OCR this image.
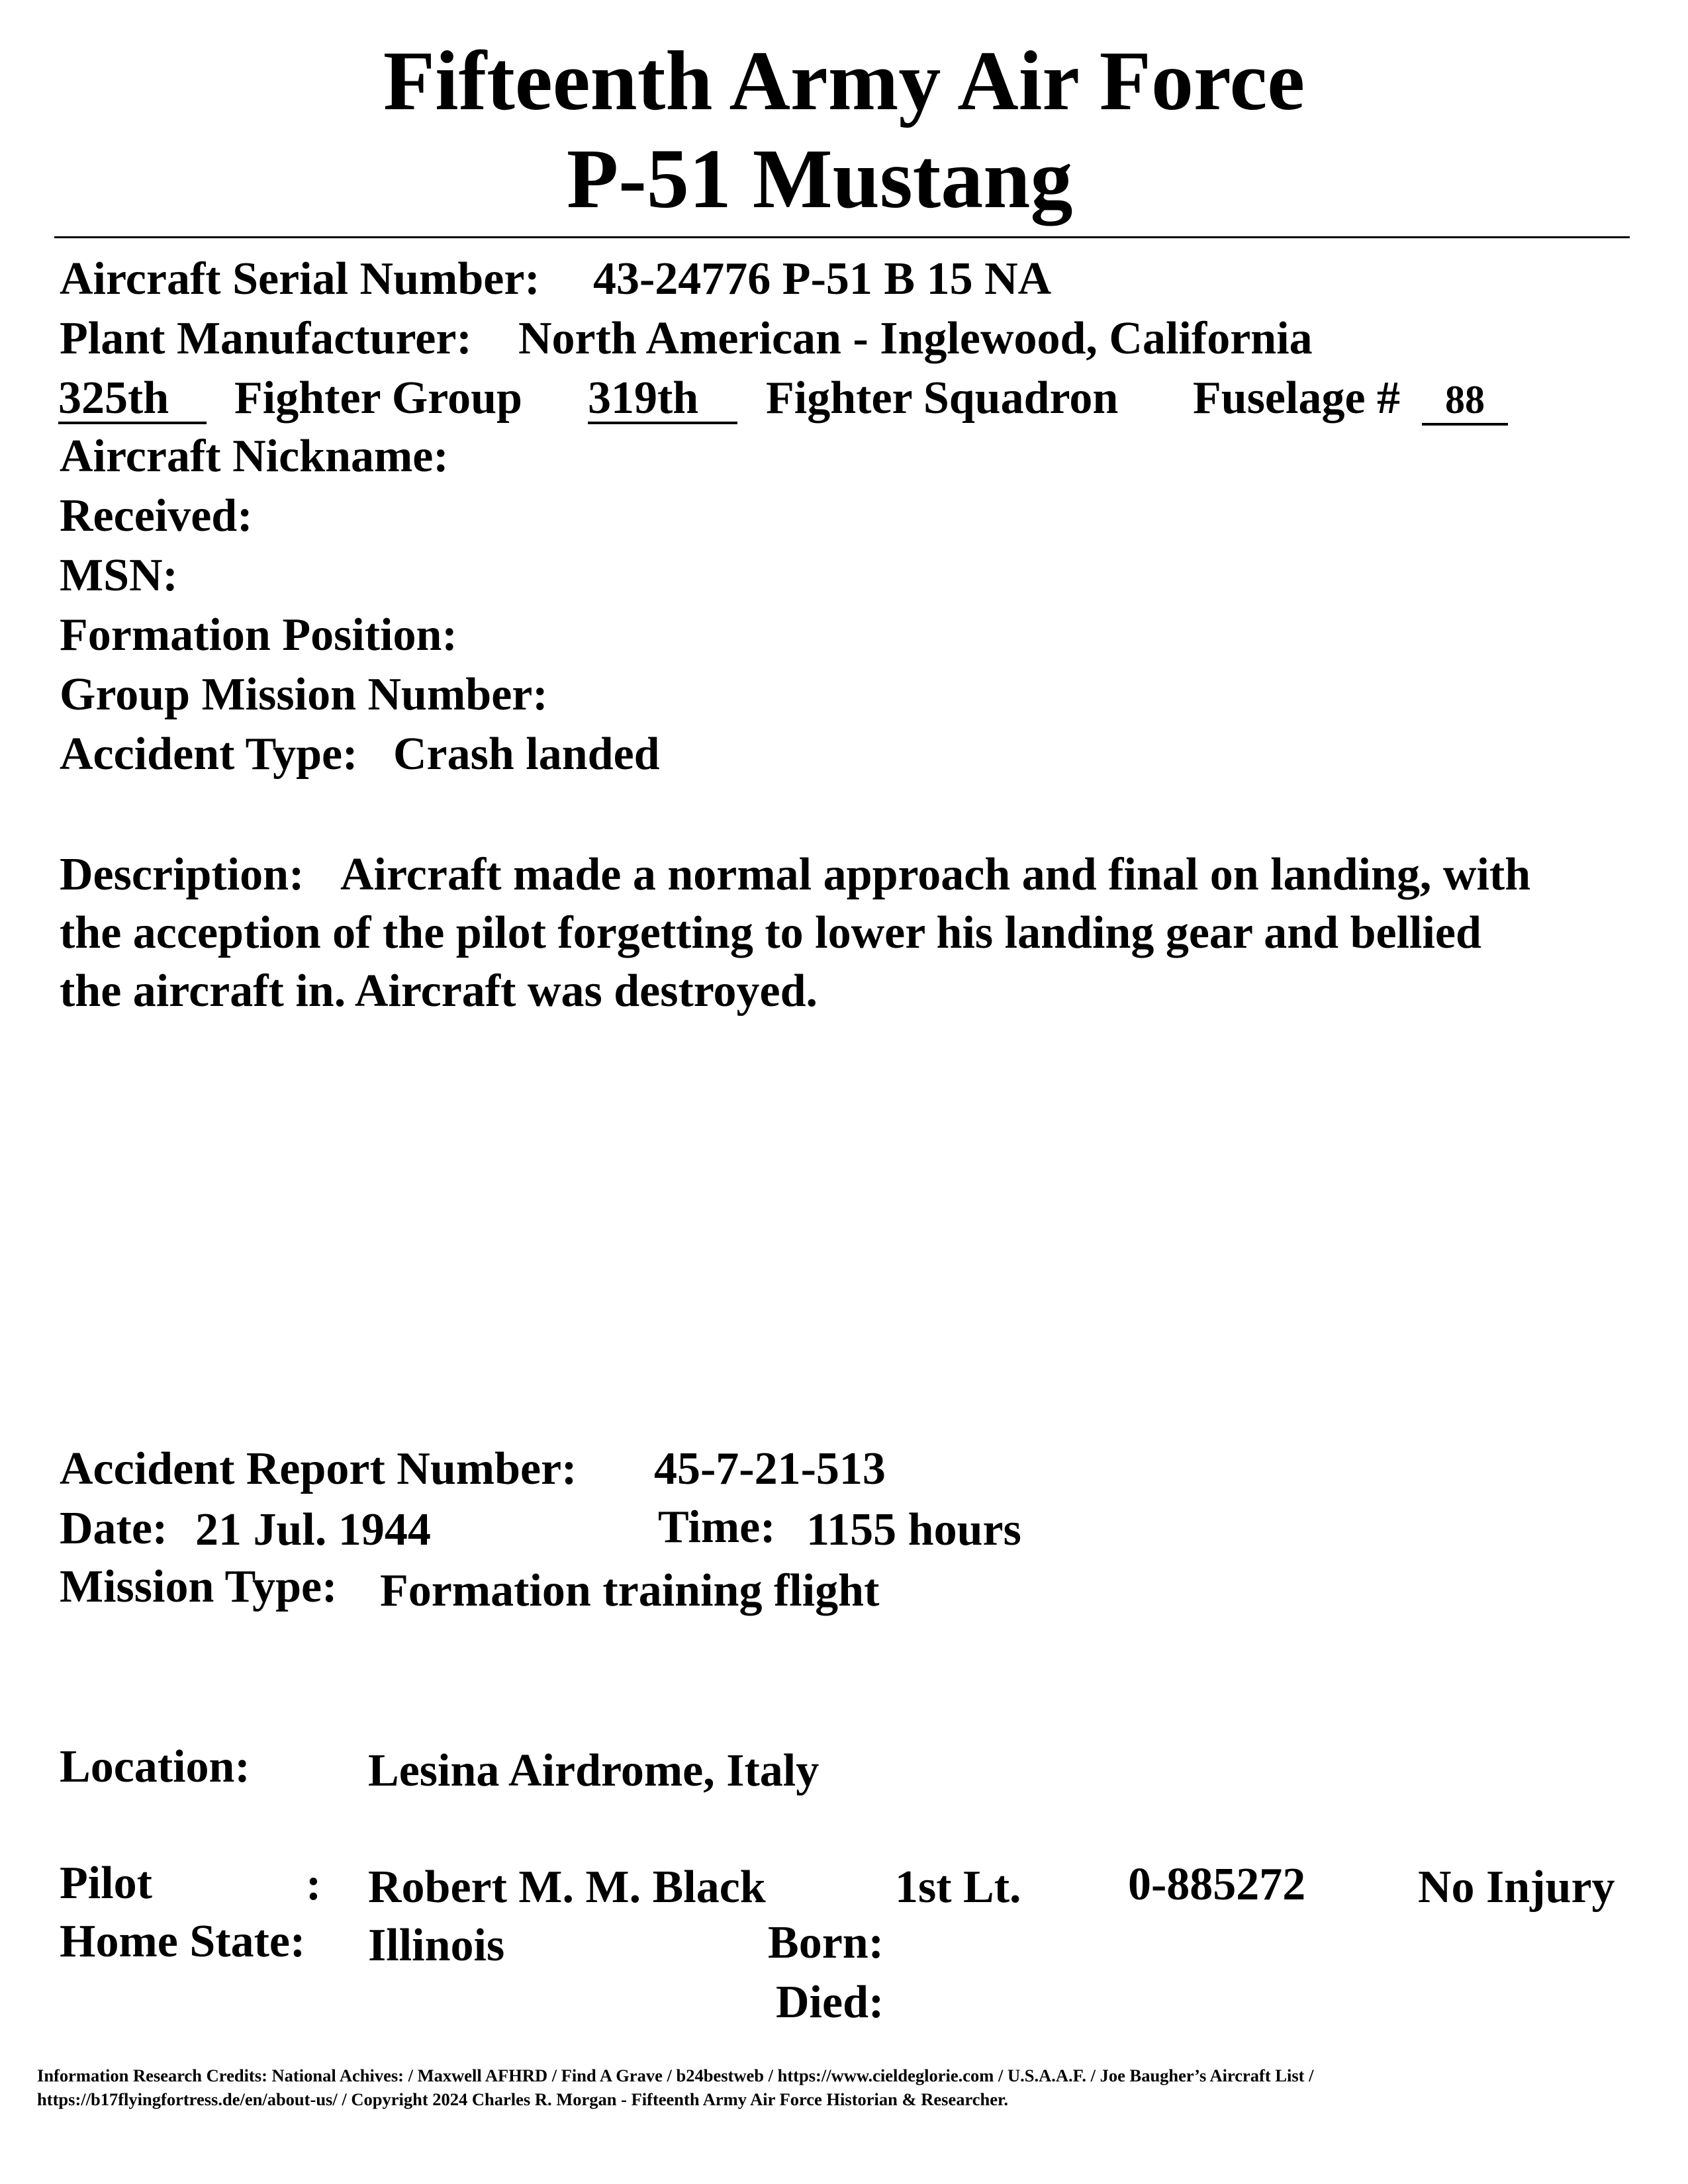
Fifteenth Army Air Force
P-51 Mustang
Aircraft Serial Number: 43-24776 P-51 B 15 NA
Plant Manufacturer: North American - Inglewood, California
325th	Fighter Group 319th	Fighter Squadron Fuselage #	88
Aircraft Nickname:
Received:
MSN:
Formation Position:
Group Mission Number:
Accident Type: Crash landed
Description: Aircraft made a normal approach and final on landing, with
the acception of the pilot forgetting to lower his landing gear and bellied
the aircraft in. Aircraft was destroyed.
Accident Report Number: 45-7-21-513
Date: 21 Jul. 1944	Time: 1155 hours
Mission Type: Formation training flight
Location:	Lesina Airdrome, Italy
Pilot	: Robert M. M. Black	1st Lt. 0-885272 No Injury
Home State: Illinois	Born:
Died:
Information Research Credits: National Achives: / Maxwell AFHRD / Find A Grave / b24bestweb / https://www.cieldeglorie.com / U.S.A.A.F. / Joe Baugher’s Aircraft List /
https://b17flyingfortress.de/en/about-us/ / Copyright 2024 Charles R. Morgan - Fifteenth Army Air Force Historian & Researcher.
